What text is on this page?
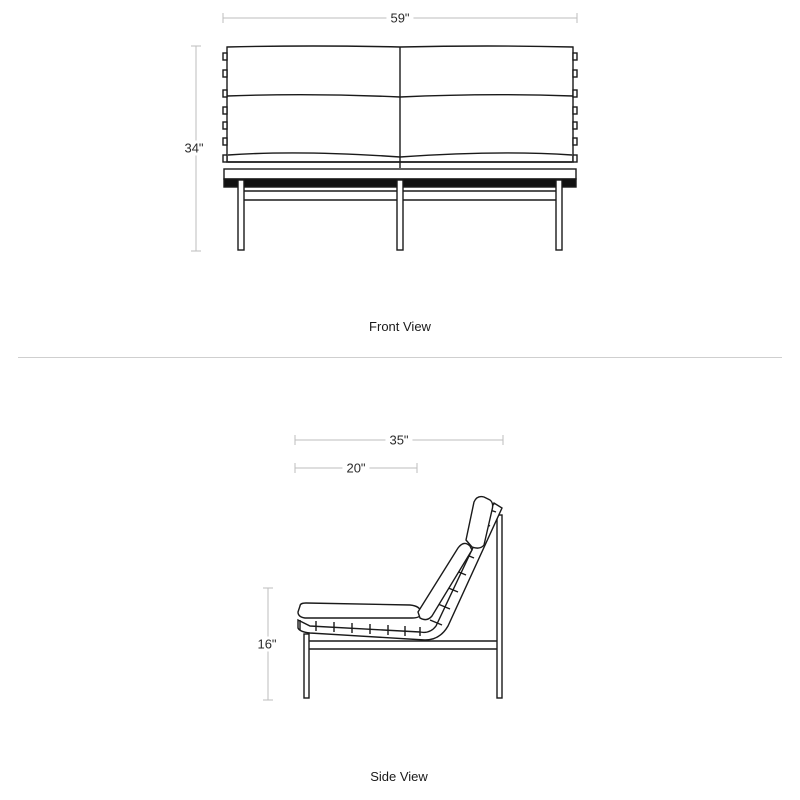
59"
34"
Front View
35"
20"
16"
Side View
